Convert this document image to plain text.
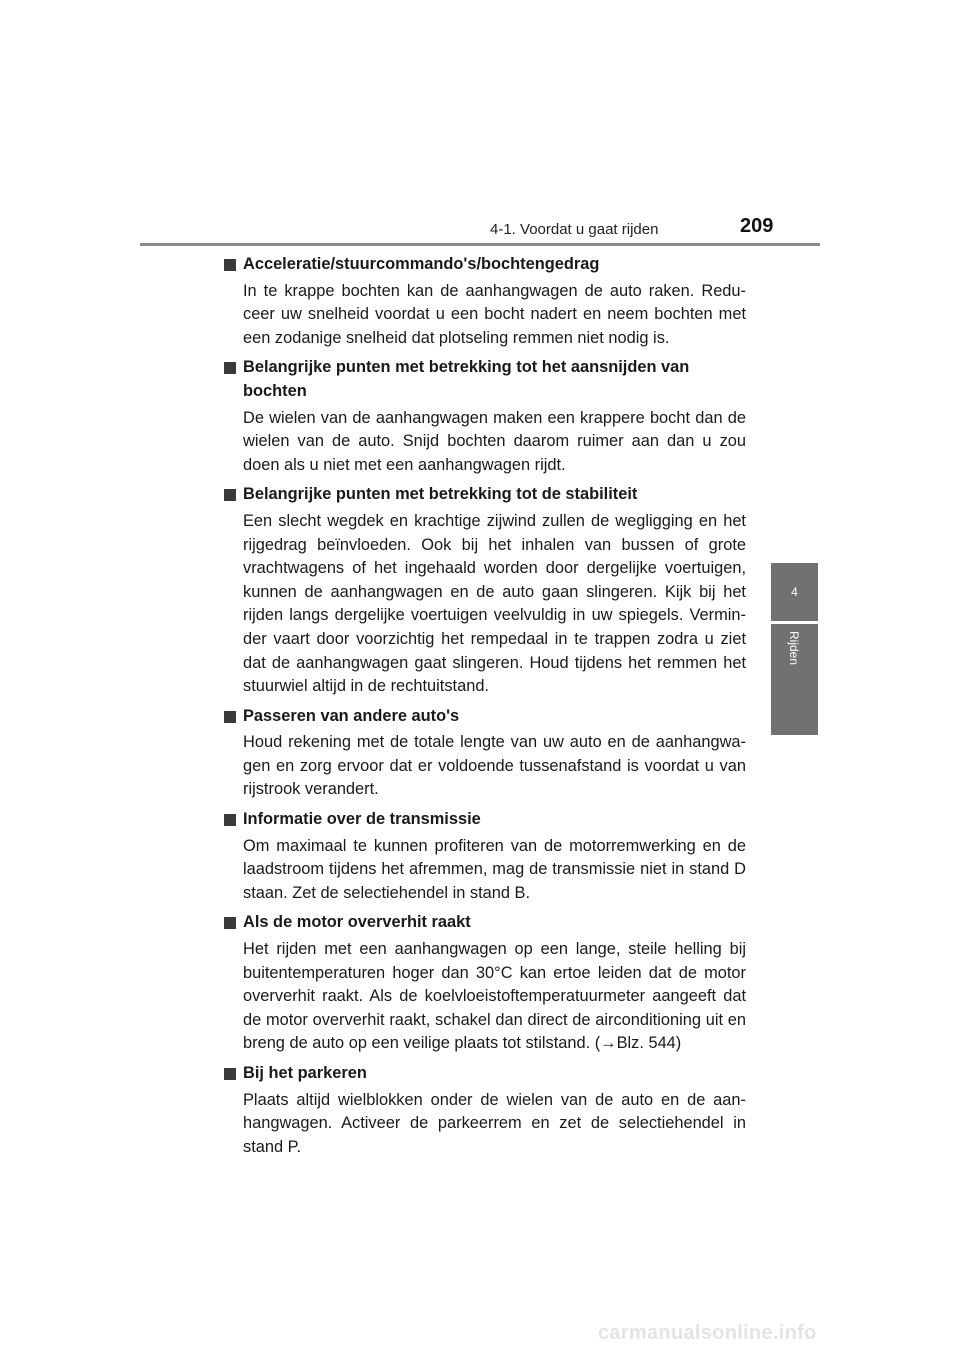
4-1. Voordat u gaat rijden	209
4
Rijden
Acceleratie/stuurcommando's/bochtengedrag
In te krappe bochten kan de aanhangwagen de auto raken. Redu-ceer uw snelheid voordat u een bocht nadert en neem bochten met een zodanige snelheid dat plotseling remmen niet nodig is.
Belangrijke punten met betrekking tot het aansnijden van bochten
De wielen van de aanhangwagen maken een krappere bocht dan de wielen van de auto. Snijd bochten daarom ruimer aan dan u zou doen als u niet met een aanhangwagen rijdt.
Belangrijke punten met betrekking tot de stabiliteit
Een slecht wegdek en krachtige zijwind zullen de wegligging en het rijgedrag beïnvloeden. Ook bij het inhalen van bussen of grote vrachtwagens of het ingehaald worden door dergelijke voertuigen, kunnen de aanhangwagen en de auto gaan slingeren. Kijk bij het rijden langs dergelijke voertuigen veelvuldig in uw spiegels. Vermin-der vaart door voorzichtig het rempedaal in te trappen zodra u ziet dat de aanhangwagen gaat slingeren. Houd tijdens het remmen het stuurwiel altijd in de rechtuitstand.
Passeren van andere auto's
Houd rekening met de totale lengte van uw auto en de aanhangwa-gen en zorg ervoor dat er voldoende tussenafstand is voordat u van rijstrook verandert.
Informatie over de transmissie
Om maximaal te kunnen profiteren van de motorremwerking en de laadstroom tijdens het afremmen, mag de transmissie niet in stand D staan. Zet de selectiehendel in stand B.
Als de motor oververhit raakt
Het rijden met een aanhangwagen op een lange, steile helling bij buitentemperaturen hoger dan 30°C kan ertoe leiden dat de motor oververhit raakt. Als de koelvloeistoftemperatuurmeter aangeeft dat de motor oververhit raakt, schakel dan direct de airconditioning uit en breng de auto op een veilige plaats tot stilstand. (→Blz. 544)
Bij het parkeren
Plaats altijd wielblokken onder de wielen van de auto en de aan-hangwagen. Activeer de parkeerrem en zet de selectiehendel in stand P.
carmanualsonline.info
